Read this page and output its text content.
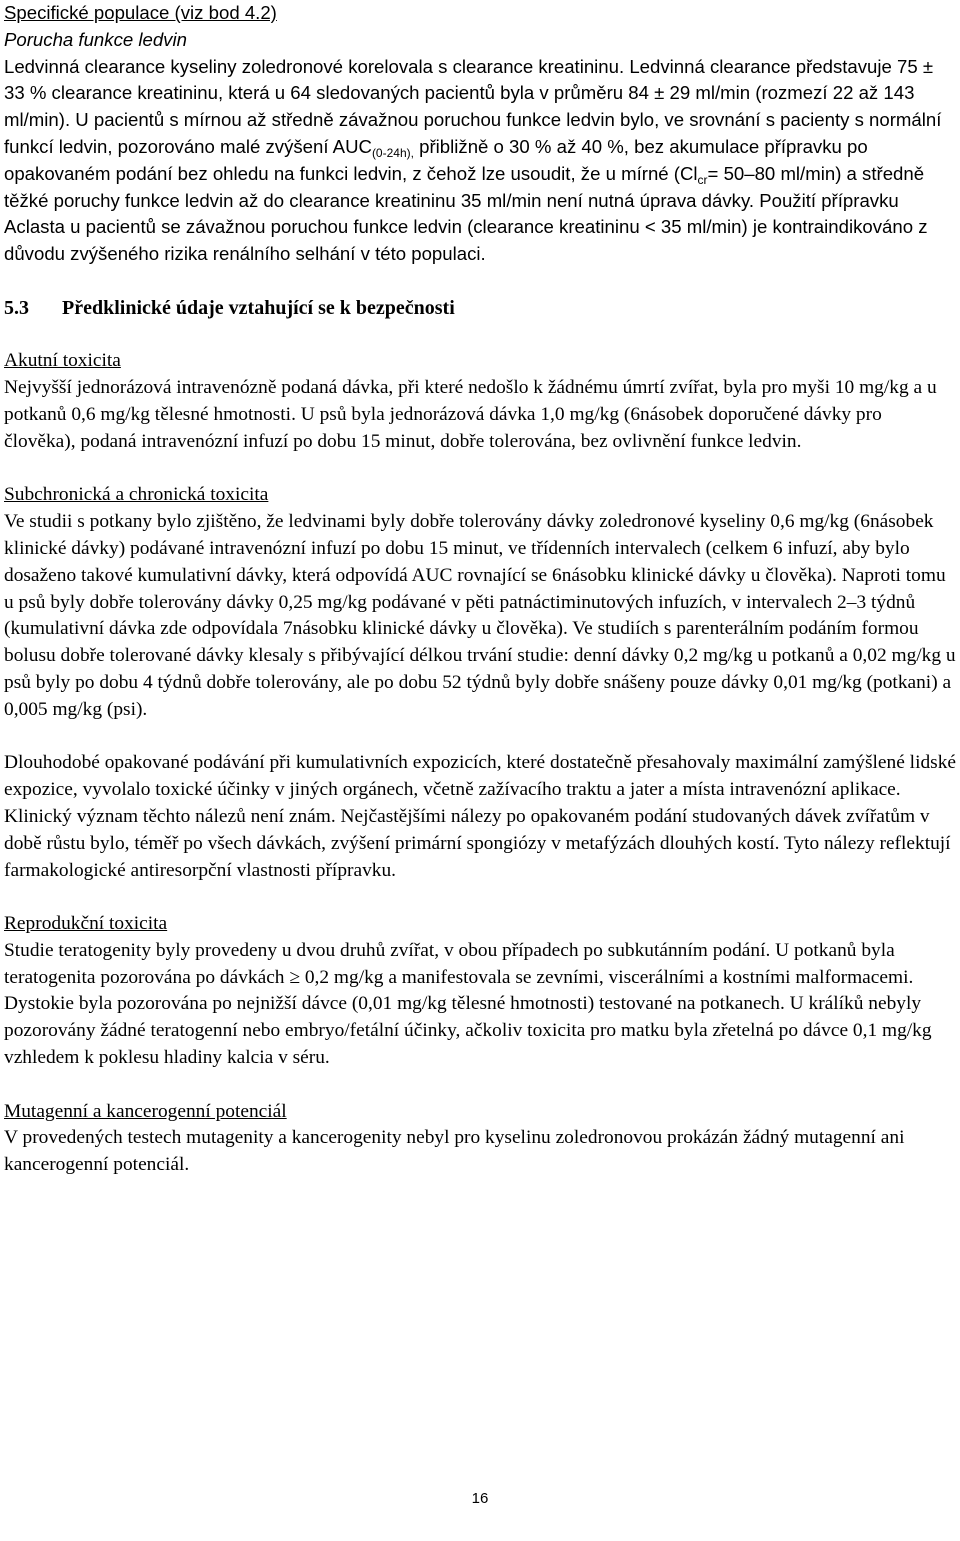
Specifické populace (viz bod 4.2)

Porucha funkce ledvin

Ledvinná clearance kyseliny zoledronové korelovala s clearance kreatininu. Ledvinná clearance představuje 75 ± 33 % clearance kreatininu, která u 64 sledovaných pacientů byla v průměru 84 ± 29 ml/min (rozmezí 22 až 143 ml/min). U pacientů s mírnou až středně závažnou poruchou funkce ledvin bylo, ve srovnání s pacienty s normální funkcí ledvin, pozorováno malé zvýšení $AUC_{(0-24h),}$ přibližně o 30 % až 40 %, bez akumulace přípravku po opakovaném podání bez ohledu na funkci ledvin, z čehož lze usoudit, že u mírné ($Cl_{cr}= 50-80$ ml/min) a středně těžké poruchy funkce ledvin až do clearance kreatininu 35 ml/min není nutná úprava dávky. Použití přípravku Aclasta u pacientů se závažnou poruchou funkce ledvin (clearance kreatininu < 35 ml/min) je kontraindikováno z důvodu zvýšeného rizika renálního selhání v této populaci.

5.3 Předklinické údaje vztahující se k bezpečnosti

Akutní toxicita

Nejvyšší jednorázová intravenózně podaná dávka, při které nedošlo k žádnému úmrtí zvířat, byla pro myši 10 mg/kg a u potkanů 0,6 mg/kg tělesné hmotnosti. U psů byla jednorázová dávka 1,0 mg/kg (6násobek doporučené dávky pro člověka), podaná intravenózní infuzí po dobu 15 minut, dobře tolerována, bez ovlivnění funkce ledvin.

Subchronická a chronická toxicita

Ve studii s potkany bylo zjištěno, že ledvinami byly dobře tolerovány dávky zoledronové kyseliny 0,6 mg/kg (6násobek klinické dávky) podávané intravenózní infuzí po dobu 15 minut, ve třídenních intervalech (celkem 6 infuzí, aby bylo dosaženo takové kumulativní dávky, která odpovídá AUC rovnající se 6násobku klinické dávky u člověka). Naproti tomu u psů byly dobře tolerovány dávky 0,25 mg/kg podávané v pěti patnáctiminutových infuzích, v intervalech 2–3 týdnů (kumulativní dávka zde odpovídala 7násobku klinické dávky u člověka). Ve studiích s parenterálním podáním formou bolusu dobře tolerované dávky klesaly s přibývající délkou trvání studie: denní dávky 0,2 mg/kg u potkanů a 0,02 mg/kg u psů byly po dobu 4 týdnů dobře tolerovány, ale po dobu 52 týdnů byly dobře snášeny pouze dávky 0,01 mg/kg (potkani) a 0,005 mg/kg (psi).

Dlouhodobé opakované podávání při kumulativních expozicích, které dostatečně přesahovaly maximální zamýšlené lidské expozice, vyvolalo toxické účinky v jiných orgánech, včetně zažívacího traktu a jater a místa intravenózní aplikace. Klinický význam těchto nálezů není znám. Nejčastějšími nálezy po opakovaném podání studovaných dávek zvířatům v době růstu bylo, téměř po všech dávkách, zvýšení primární spongiózy v metafýzách dlouhých kostí. Tyto nálezy reflektují farmakologické antiresorpční vlastnosti přípravku.

Reprodukční toxicita

Studie teratogenity byly provedeny u dvou druhů zvířat, v obou případech po subkutánním podání. U potkanů byla teratogenita pozorována po dávkách ≥ 0,2 mg/kg a manifestovala se zevními, viscerálními a kostními malformacemi. Dystokie byla pozorována po nejnižší dávce (0,01 mg/kg tělesné hmotnosti) testované na potkanech. U králíků nebyly pozorovány žádné teratogenní nebo embryo/fetální účinky, ačkoliv toxicita pro matku byla zřetelná po dávce 0,1 mg/kg vzhledem k poklesu hladiny kalcia v séru.

Mutagenní a kancerogenní potenciál

V provedených testech mutagenity a kancerogenity nebyl pro kyselinu zoledronovou prokázán žádný mutagenní ani kancerogenní potenciál.

16
